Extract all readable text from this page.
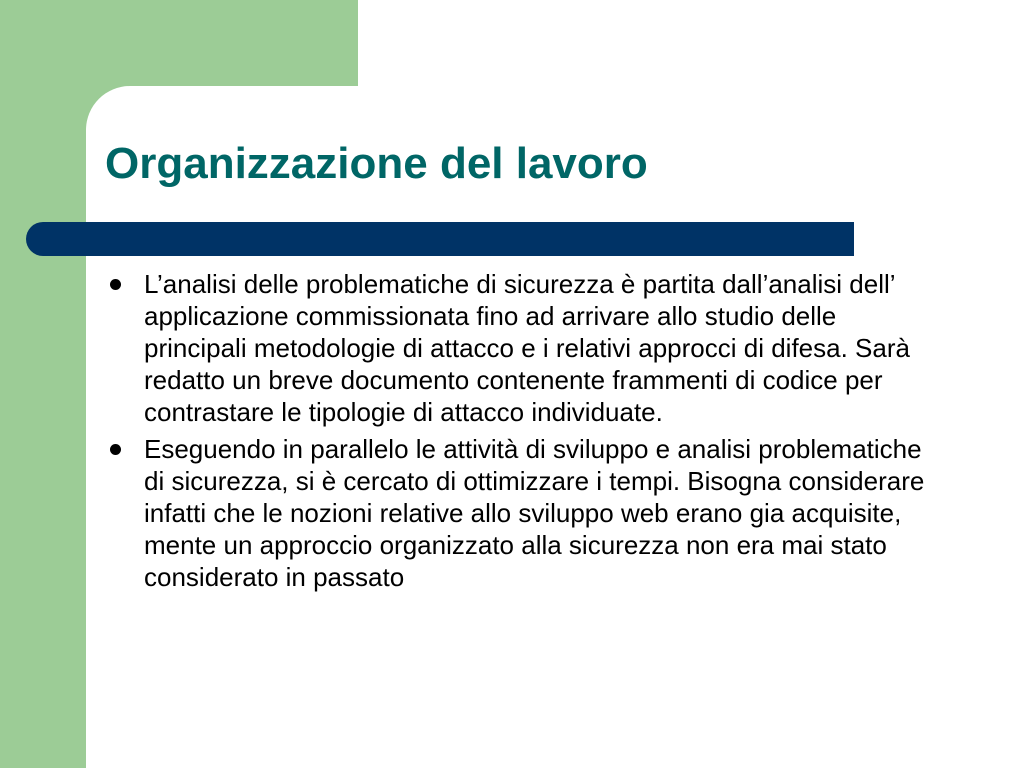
Organizzazione del lavoro
L’analisi delle problematiche di sicurezza è partita dall’analisi dell’ applicazione commissionata fino ad arrivare allo studio delle principali metodologie di attacco e i relativi approcci di difesa. Sarà redatto un breve documento contenente frammenti di codice per contrastare le tipologie di attacco individuate.
Eseguendo in parallelo le attività di sviluppo e analisi problematiche di sicurezza, si è cercato di ottimizzare i tempi. Bisogna considerare infatti che le nozioni relative allo sviluppo web erano gia acquisite, mente un approccio organizzato alla sicurezza non era mai stato considerato in passato
